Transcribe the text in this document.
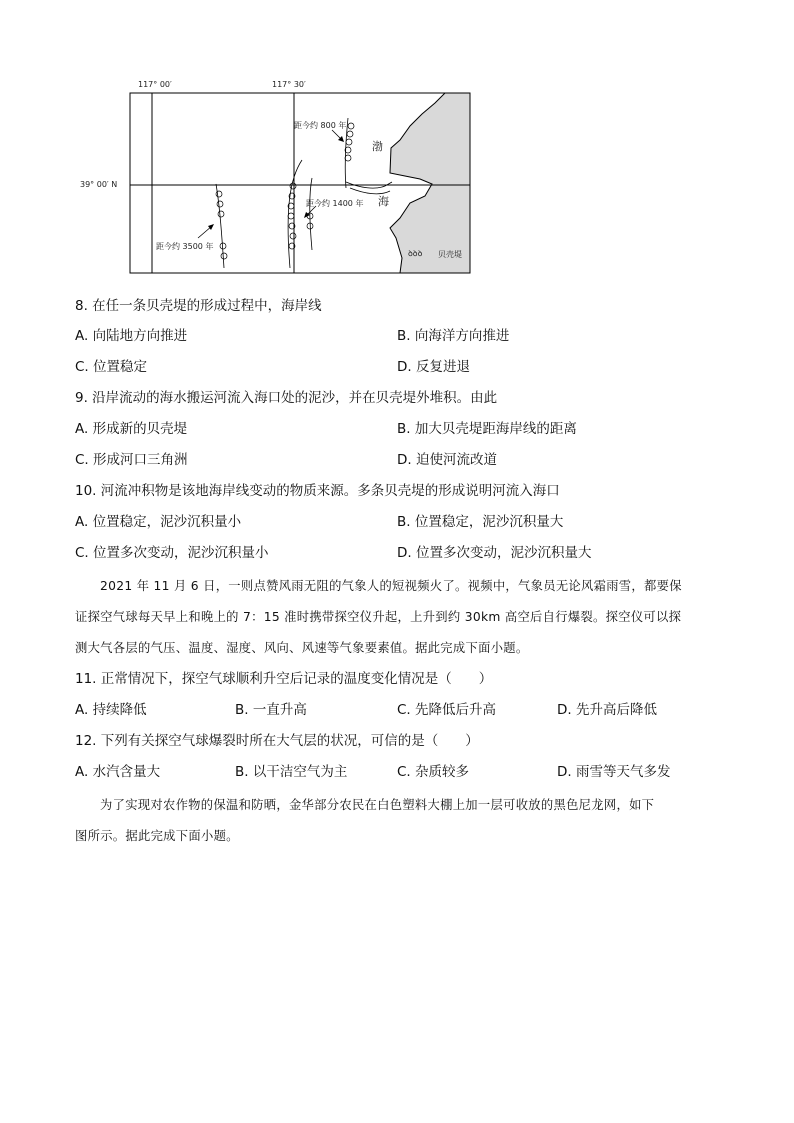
117° 00′	117° 30′
39° 00′ N
渤
海
距今约 800 年
距今约 1400 年
距今约 3500 年
ꝺꝺꝺ 贝壳堤
8. 在任一条贝壳堤的形成过程中，海岸线
A. 向陆地方向推进	B. 向海洋方向推进
C. 位置稳定	D. 反复进退
9. 沿岸流动的海水搬运河流入海口处的泥沙，并在贝壳堤外堆积。由此
A. 形成新的贝壳堤	B. 加大贝壳堤距海岸线的距离
C. 形成河口三角洲	D. 迫使河流改道
10. 河流冲积物是该地海岸线变动的物质来源。多条贝壳堤的形成说明河流入海口
A. 位置稳定，泥沙沉积量小	B. 位置稳定，泥沙沉积量大
C. 位置多次变动，泥沙沉积量小	D. 位置多次变动，泥沙沉积量大
2021 年 11 月 6 日，一则点赞风雨无阻的气象人的短视频火了。视频中，气象员无论风霜雨雪，都要保
证探空气球每天早上和晚上的 7：15 准时携带探空仪升起，上升到约 30km 高空后自行爆裂。探空仪可以探
测大气各层的气压、温度、湿度、风向、风速等气象要素值。据此完成下面小题。
11. 正常情况下，探空气球顺利升空后记录的温度变化情况是（　　）
A. 持续降低	B. 一直升高	C. 先降低后升高	D. 先升高后降低
12. 下列有关探空气球爆裂时所在大气层的状况，可信的是（　　）
A. 水汽含量大	B. 以干洁空气为主	C. 杂质较多	D. 雨雪等天气多发
为了实现对农作物的保温和防晒，金华部分农民在白色塑料大棚上加一层可收放的黑色尼龙网，如下
图所示。据此完成下面小题。
